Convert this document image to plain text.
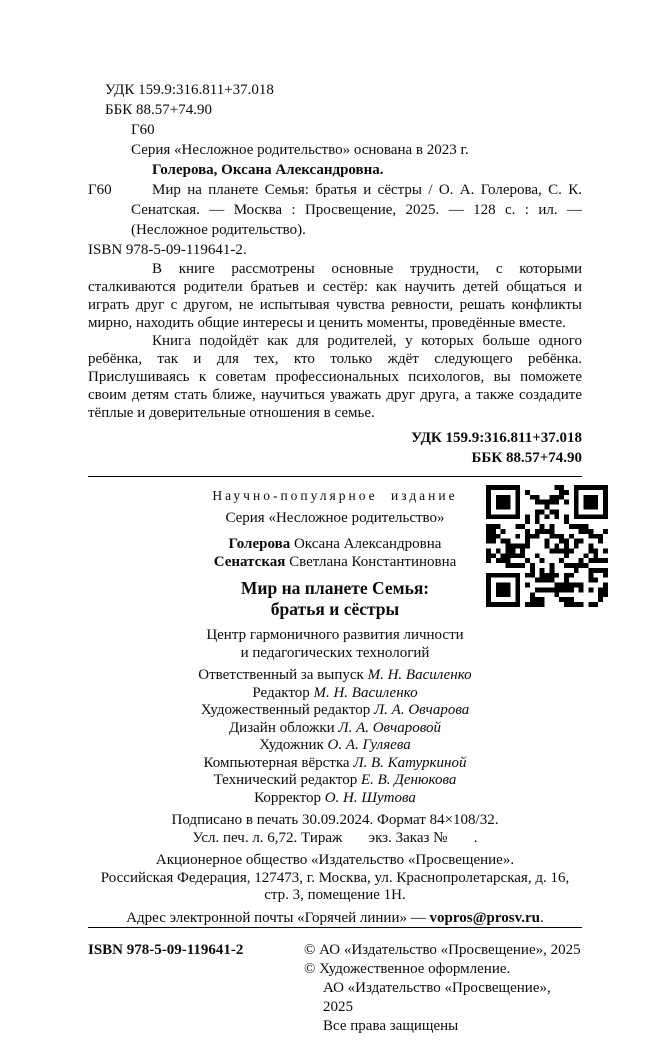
УДК 159.9:316.811+37.018
ББК 88.57+74.90
Г60
Серия «Несложное родительство» основана в 2023 г.
Голерова, Оксана Александровна.
Г60	Мир на планете Семья: братья и сёстры / О. А. Голерова, С. К. Сенатская. — Москва : Просвещение, 2025. — 128 с. : ил. — (Несложное родительство).

ISBN 978-5-09-119641-2.

В книге рассмотрены основные трудности, с которыми сталкиваются родители братьев и сестёр: как научить детей общаться и играть друг с другом, не испытывая чувства ревности, решать конфликты мирно, находить общие интересы и ценить моменты, проведённые вместе.

Книга подойдёт как для родителей, у которых больше одного ребёнка, так и для тех, кто только ждёт следующего ребёнка. Прислушиваясь к советам профессиональных психологов, вы поможете своим детям стать ближе, научиться уважать друг друга, а также создадите тёплые и доверительные отношения в семье.

УДК 159.9:316.811+37.018
ББК 88.57+74.90
Научно-популярное издание
Серия «Несложное родительство»
Голерова Оксана Александровна
Сенатская Светлана Константиновна
Мир на планете Семья:
братья и сёстры
Центр гармоничного развития личности
и педагогических технологий
Ответственный за выпуск М. Н. Василенко
Редактор М. Н. Василенко
Художественный редактор Л. А. Овчарова
Дизайн обложки Л. А. Овчаровой
Художник О. А. Гуляева
Компьютерная вёрстка Л. В. Катуркиной
Технический редактор Е. В. Денюкова
Корректор О. Н. Шутова
Подписано в печать 30.09.2024. Формат 84×108/32.
Усл. печ. л. 6,72. Тираж       экз. Заказ №       .
Акционерное общество «Издательство «Просвещение».
Российская Федерация, 127473, г. Москва, ул. Краснопролетарская, д. 16,
стр. 3, помещение 1Н.
Адрес электронной почты «Горячей линии» — vopros@prosv.ru.
ISBN 978-5-09-119641-2	© АО «Издательство «Просвещение», 2025
© Художественное оформление.
АО «Издательство «Просвещение», 2025
Все права защищены
